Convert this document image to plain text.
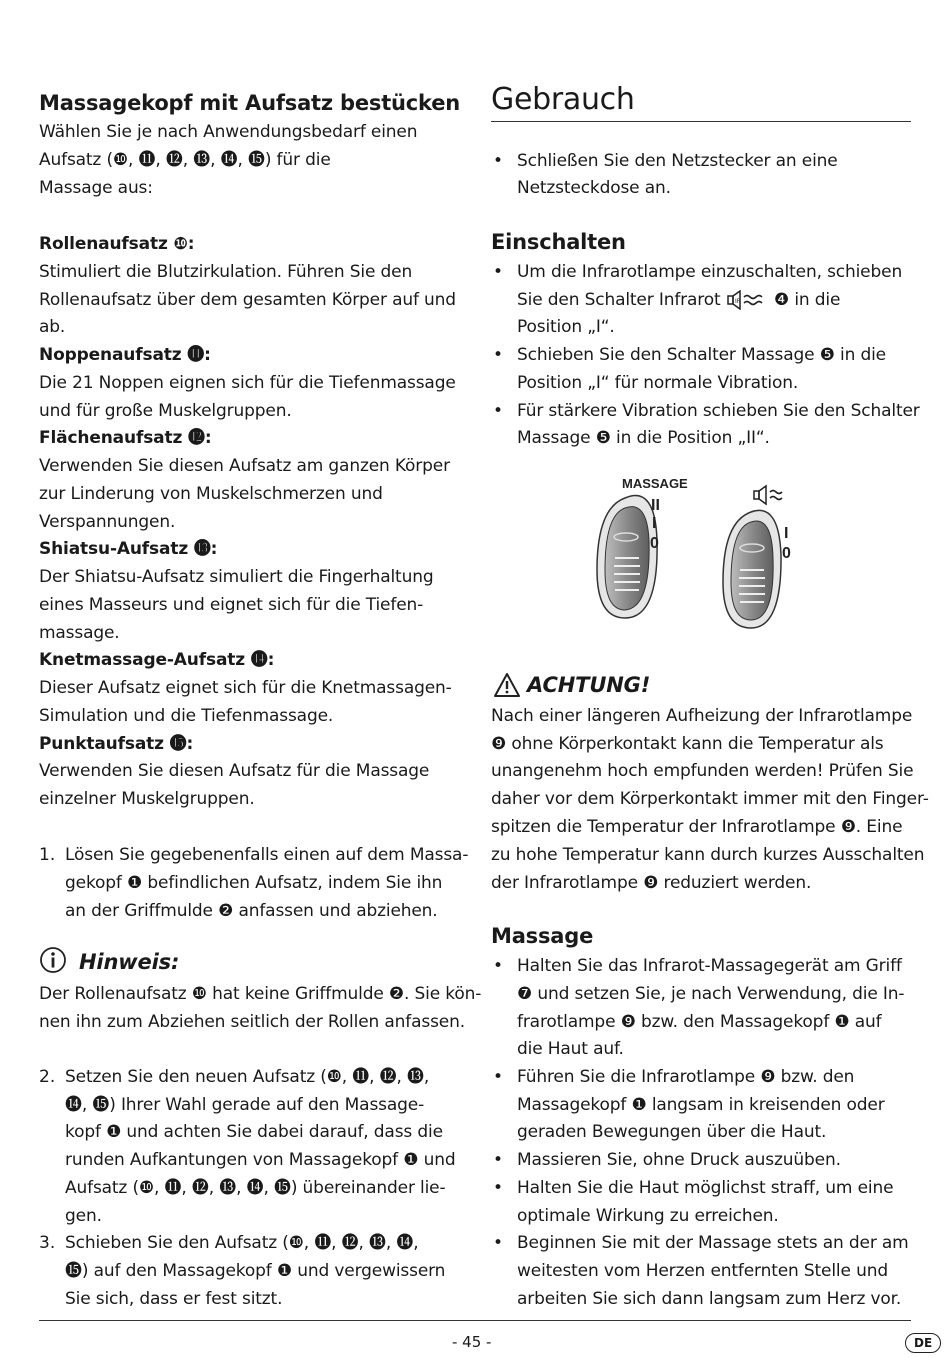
Massagekopf mit Aufsatz bestücken
Wählen Sie je nach Anwendungsbedarf einen
Aufsatz (❿, ⓫, ⓬, ⓭, ⓮, ⓯) für die
Massage aus:
Rollenaufsatz ❿:
Stimuliert die Blutzirkulation. Führen Sie den
Rollenaufsatz über dem gesamten Körper auf und
ab.
Noppenaufsatz ⓫:
Die 21 Noppen eignen sich für die Tiefenmassage
und für große Muskelgruppen.
Flächenaufsatz ⓬:
Verwenden Sie diesen Aufsatz am ganzen Körper
zur Linderung von Muskelschmerzen und
Verspannungen.
Shiatsu-Aufsatz ⓭:
Der Shiatsu-Aufsatz simuliert die Fingerhaltung
eines Masseurs und eignet sich für die Tiefen-
massage.
Knetmassage-Aufsatz ⓮:
Dieser Aufsatz eignet sich für die Knetmassagen-
Simulation und die Tiefenmassage.
Punktaufsatz ⓯:
Verwenden Sie diesen Aufsatz für die Massage
einzelner Muskelgruppen.
1. Lösen Sie gegebenenfalls einen auf dem Massa-
gekopf ❶ befindlichen Aufsatz, indem Sie ihn
an der Griffmulde ❷ anfassen und abziehen.
Hinweis:
Der Rollenaufsatz ❿ hat keine Griffmulde ❷. Sie kön-
nen ihn zum Abziehen seitlich der Rollen anfassen.
2. Setzen Sie den neuen Aufsatz (❿, ⓫, ⓬, ⓭,
⓮, ⓯) Ihrer Wahl gerade auf den Massage-
kopf ❶ und achten Sie dabei darauf, dass die
runden Aufkantungen von Massagekopf ❶ und
Aufsatz (❿, ⓫, ⓬, ⓭, ⓮, ⓯) übereinander lie-
gen.
3. Schieben Sie den Aufsatz (❿, ⓫, ⓬, ⓭, ⓮,
⓯) auf den Massagekopf ❶ und vergewissern
Sie sich, dass er fest sitzt.
Gebrauch
• Schließen Sie den Netzstecker an eine
Netzsteckdose an.
Einschalten
• Um die Infrarotlampe einzuschalten, schieben
Sie den Schalter Infrarot IR ❹ in die
Position „I“.
• Schieben Sie den Schalter Massage ❺ in die
Position „I“ für normale Vibration.
• Für stärkere Vibration schieben Sie den Schalter
Massage ❺ in die Position „II“.
MASSAGE
II
I
0
I
0
ACHTUNG!
Nach einer längeren Aufheizung der Infrarotlampe
❾ ohne Körperkontakt kann die Temperatur als
unangenehm hoch empfunden werden! Prüfen Sie
daher vor dem Körperkontakt immer mit den Finger-
spitzen die Temperatur der Infrarotlampe ❾. Eine
zu hohe Temperatur kann durch kurzes Ausschalten
der Infrarotlampe ❾ reduziert werden.
Massage
• Halten Sie das Infrarot-Massagegerät am Griff
❼ und setzen Sie, je nach Verwendung, die In-
frarotlampe ❾ bzw. den Massagekopf ❶ auf
die Haut auf.
• Führen Sie die Infrarotlampe ❾ bzw. den
Massagekopf ❶ langsam in kreisenden oder
geraden Bewegungen über die Haut.
• Massieren Sie, ohne Druck auszuüben.
• Halten Sie die Haut möglichst straff, um eine
optimale Wirkung zu erreichen.
• Beginnen Sie mit der Massage stets an der am
weitesten vom Herzen entfernten Stelle und
arbeiten Sie sich dann langsam zum Herz vor.
- 45 -	DE
